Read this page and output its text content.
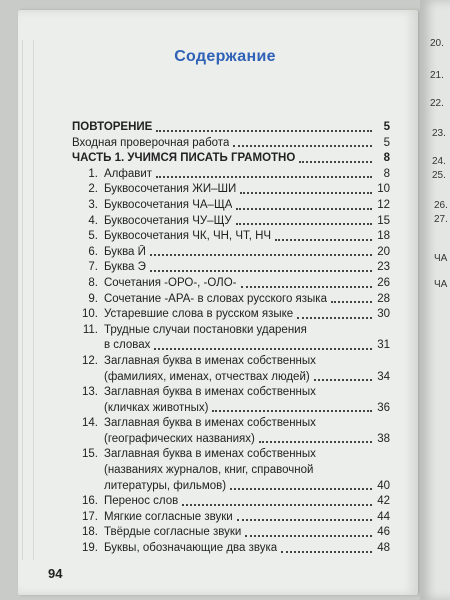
Содержание
ПОВТОРЕНИЕ	5
Входная проверочная работа	5
ЧАСТЬ 1. УЧИМСЯ ПИСАТЬ ГРАМОТНО	8
1. Алфавит	8
2. Буквосочетания ЖИ–ШИ	10
3. Буквосочетания ЧА–ЩА	12
4. Буквосочетания ЧУ–ЩУ	15
5. Буквосочетания ЧК, ЧН, ЧТ, НЧ	18
6. Буква Й	20
7. Буква Э	23
8. Сочетания -ОРО-, -ОЛО-	26
9. Сочетание -АРА- в словах русского языка	28
10. Устаревшие слова в русском языке	30
11. Трудные случаи постановки ударения
в словах	31
12. Заглавная буква в именах собственных
(фамилиях, именах, отчествах людей)	34
13. Заглавная буква в именах собственных
(кличках животных)	36
14. Заглавная буква в именах собственных
(географических названиях)	38
15. Заглавная буква в именах собственных
(названиях журналов, книг, справочной
литературы, фильмов)	40
16. Перенос слов	42
17. Мягкие согласные звуки	44
18. Твёрдые согласные звуки	46
19. Буквы, обозначающие два звука	48
94
20.
21.
22.
23.
24.
25.
26.
27.
ЧА
ЧА
